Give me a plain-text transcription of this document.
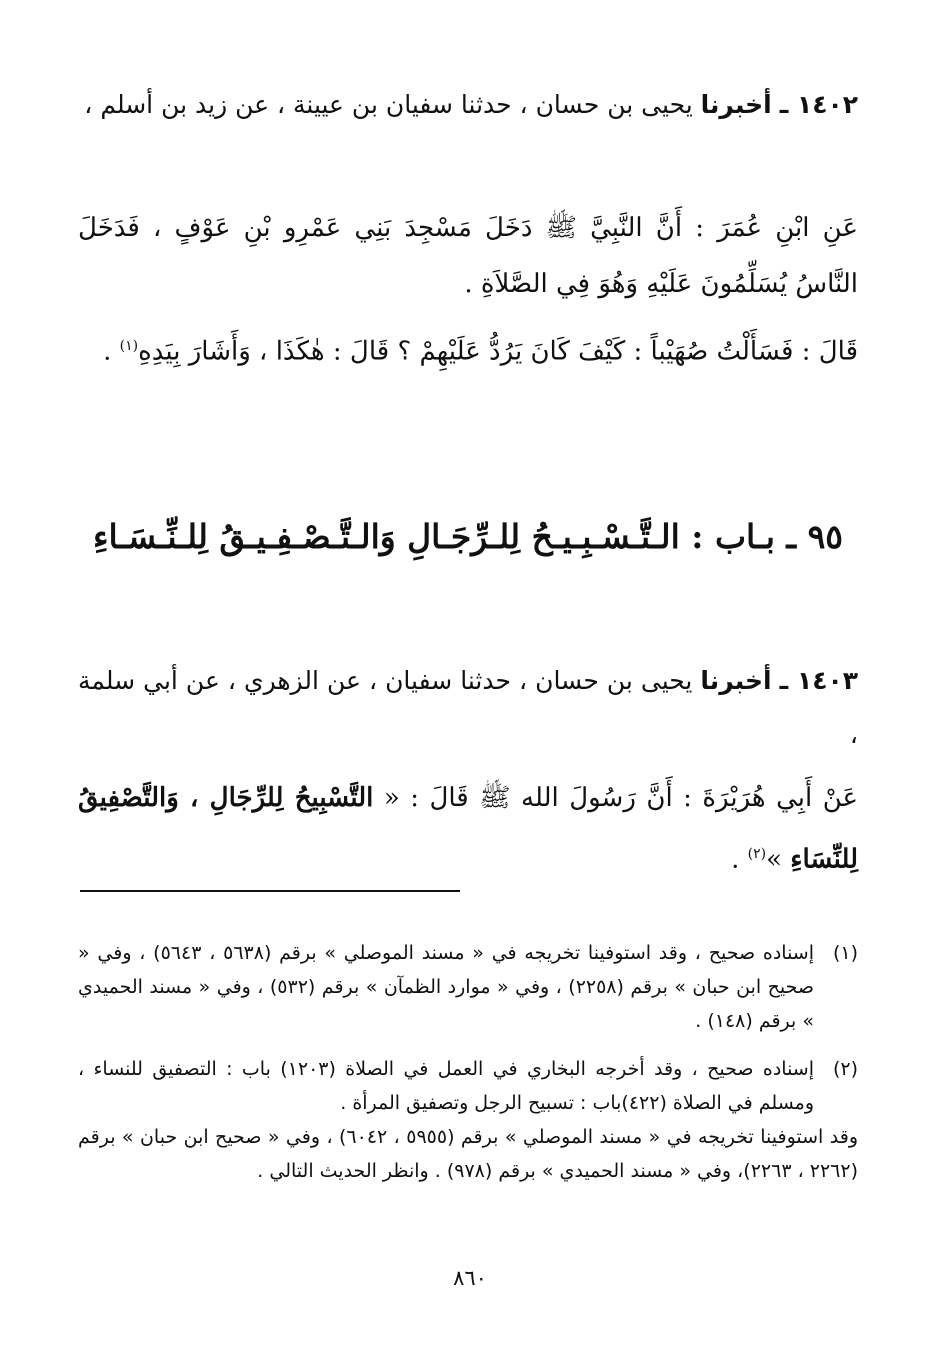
١٤٠٢ ـ أخبرنا يحيى بن حسان ، حدثنا سفيان بن عيينة ، عن زيد بن أسلم ،
عَنِ ابْنِ عُمَرَ : أَنَّ النَّبِيَّ ﷺ دَخَلَ مَسْجِدَ بَنِي عَمْرِو بْنِ عَوْفٍ ، فَدَخَلَ النَّاسُ يُسَلِّمُونَ عَلَيْهِ وَهُوَ فِي الصَّلاَةِ .
قَالَ : فَسَأَلْتُ صُهَيْباً : كَيْفَ كَانَ يَرُدُّ عَلَيْهِمْ ؟ قَالَ : هٰكَذَا ، وَأَشَارَ بِيَدِهِ$^{(١)}$ .
٩٥ ـ بـاب : الـتَّـسْـبِـيـحُ لِلـرِّجَـالِ وَالـتَّـصْـفِـيـقُ لِلـنِّـسَـاءِ
١٤٠٣ ـ أخبرنا يحيى بن حسان ، حدثنا سفيان ، عن الزهري ، عن أبي سلمة ،
عَنْ أَبِي هُرَيْرَةَ : أَنَّ رَسُولَ الله ﷺ قَالَ : « التَّسْبِيحُ لِلرِّجَالِ ، وَالتَّصْفِيقُ لِلنِّسَاءِ »$^{(٢)}$ .
(١)
إسناده صحيح ، وقد استوفينا تخريجه في « مسند الموصلي » برقم (٥٦٣٨ ، ٥٦٤٣) ، وفي « صحيح ابن حبان » برقم (٢٢٥٨) ، وفي « موارد الظمآن » برقم (٥٣٢) ، وفي « مسند الحميدي » برقم (١٤٨) .
(٢)
إسناده صحيح ، وقد أخرجه البخاري في العمل في الصلاة (١٢٠٣) باب : التصفيق للنساء ، ومسلم في الصلاة (٤٢٢)باب : تسبيح الرجل وتصفيق المرأة .
وقد استوفينا تخريجه في « مسند الموصلي » برقم (٥٩٥٥ ، ٦٠٤٢) ، وفي « صحيح ابن حبان » برقم (٢٢٦٢ ، ٢٢٦٣)، وفي « مسند الحميدي » برقم (٩٧٨) . وانظر الحديث التالي .
٨٦٠
